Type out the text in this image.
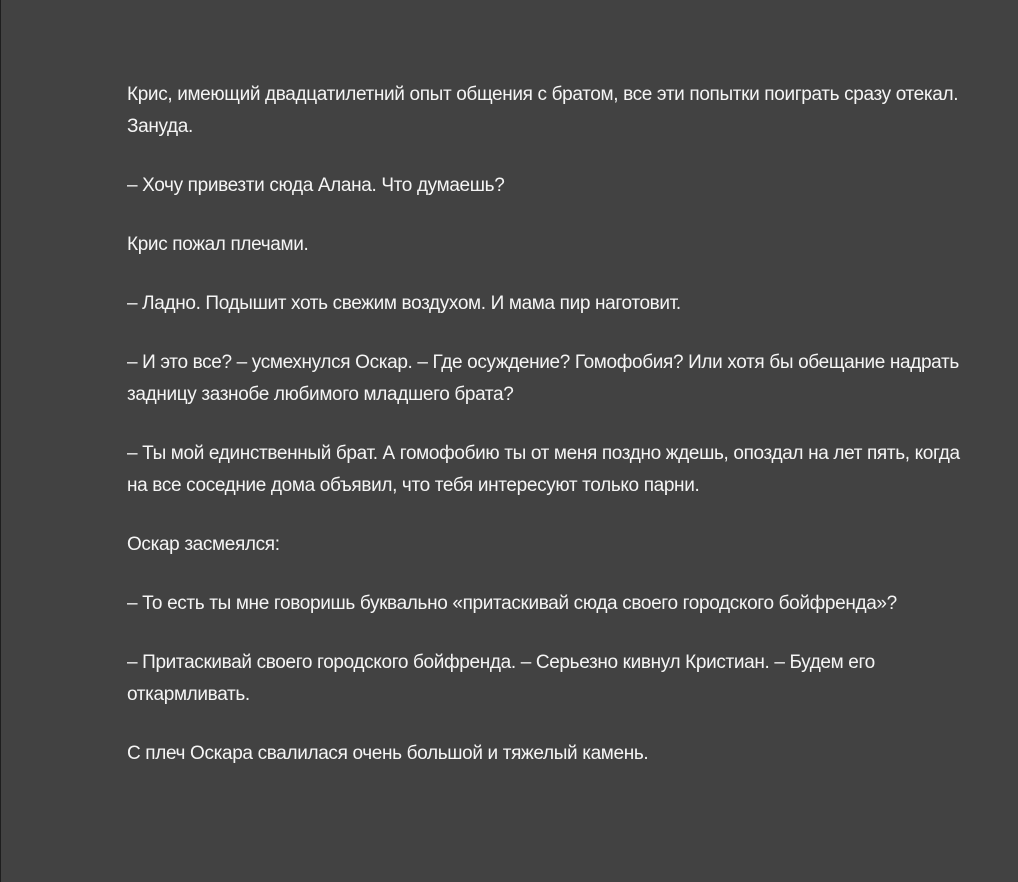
Крис, имеющий двадцатилетний опыт общения с братом, все эти попытки поиграть сразу отекал. Зануда.

– Хочу привезти сюда Алана. Что думаешь?

Крис пожал плечами.

– Ладно. Подышит хоть свежим воздухом. И мама пир наготовит.

– И это все? – усмехнулся Оскар. – Где осуждение? Гомофобия? Или хотя бы обещание надрать задницу зазнобе любимого младшего брата?

– Ты мой единственный брат. А гомофобию ты от меня поздно ждешь, опоздал на лет пять, когда на все соседние дома объявил, что тебя интересуют только парни.

Оскар засмеялся:

– То есть ты мне говоришь буквально «притаскивай сюда своего городского бойфренда»?

– Притаскивай своего городского бойфренда. – Серьезно кивнул Кристиан. – Будем его откармливать.

С плеч Оскара свалилася очень большой и тяжелый камень.
